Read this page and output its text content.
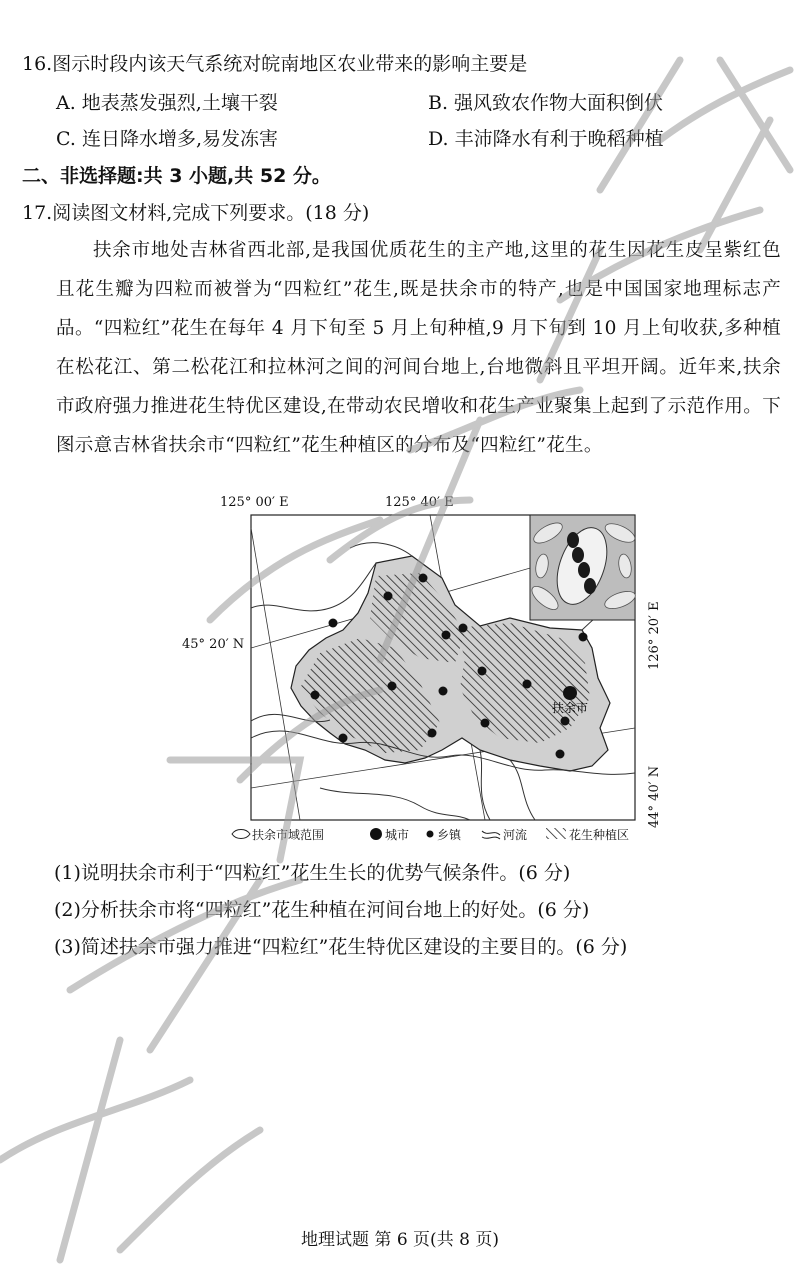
16.图示时段内该天气系统对皖南地区农业带来的影响主要是
A. 地表蒸发强烈,土壤干裂	B. 强风致农作物大面积倒伏
C. 连日降水增多,易发冻害	D. 丰沛降水有利于晚稻种植
二、非选择题:共 3 小题,共 52 分。
17.阅读图文材料,完成下列要求。(18 分)
扶余市地处吉林省西北部,是我国优质花生的主产地,这里的花生因花生皮呈紫红色且花生瓣为四粒而被誉为“四粒红”花生,既是扶余市的特产,也是中国国家地理标志产品。“四粒红”花生在每年 4 月下旬至 5 月上旬种植,9 月下旬到 10 月上旬收获,多种植在松花江、第二松花江和拉林河之间的河间台地上,台地微斜且平坦开阔。近年来,扶余市政府强力推进花生特优区建设,在带动农民增收和花生产业聚集上起到了示范作用。下图示意吉林省扶余市“四粒红”花生种植区的分布及“四粒红”花生。
扶余市
125° 00′ E	125° 40′ E
45° 20′ N	126° 20′ E
44° 40′ N
扶余市域范围	城市 乡镇	河流	花生种植区
(1)说明扶余市利于“四粒红”花生生长的优势气候条件。(6 分)
(2)分析扶余市将“四粒红”花生种植在河间台地上的好处。(6 分)
(3)简述扶余市强力推进“四粒红”花生特优区建设的主要目的。(6 分)
地理试题 第 6 页(共 8 页)
